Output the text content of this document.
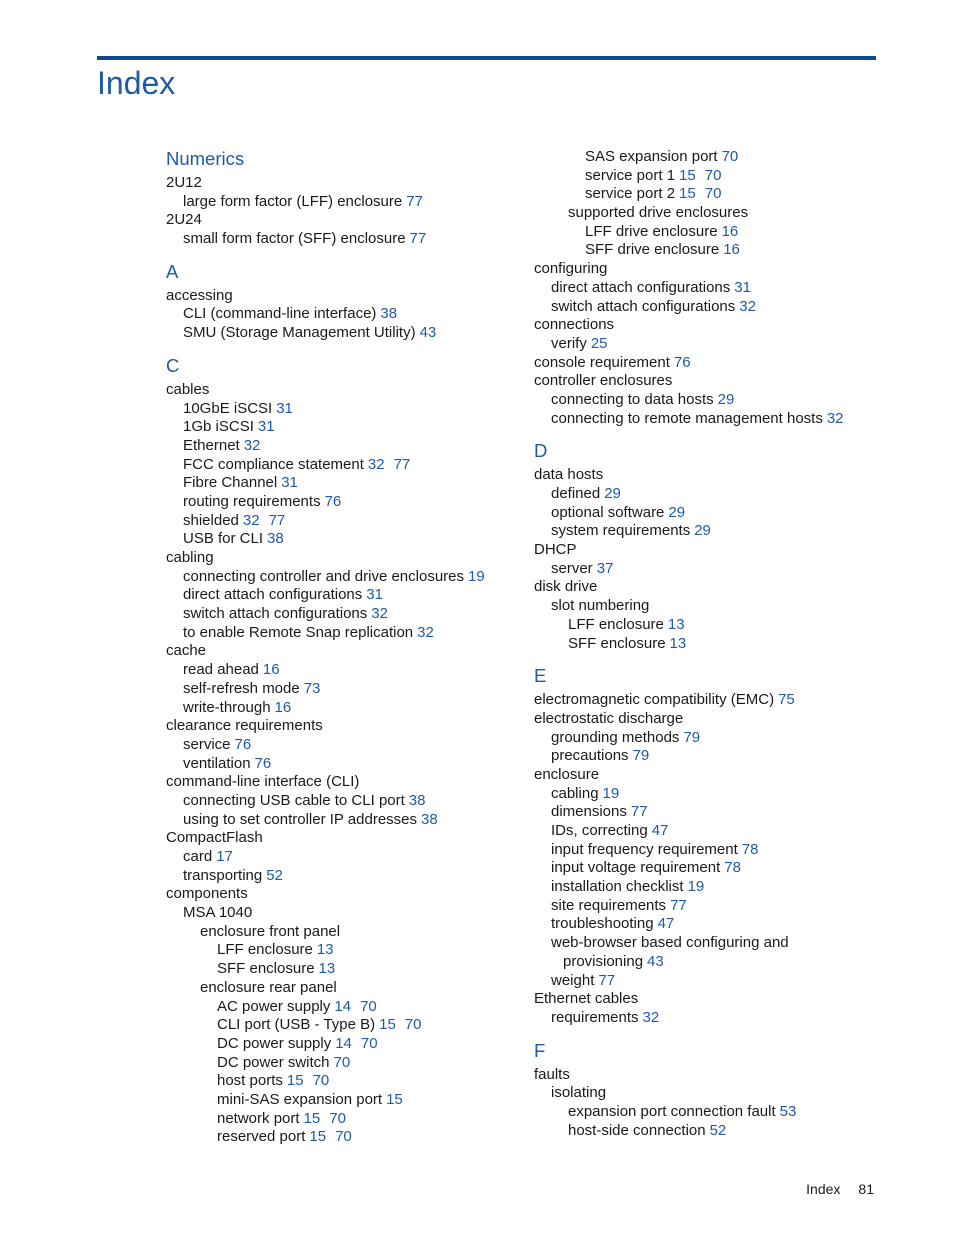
Index
Numerics
2U12
large form factor (LFF) enclosure 77
2U24
small form factor (SFF) enclosure 77
A
accessing
CLI (command-line interface) 38
SMU (Storage Management Utility) 43
C
cables
10GbE iSCSI 31
1Gb iSCSI 31
Ethernet 32
FCC compliance statement 32 77
Fibre Channel 31
routing requirements 76
shielded 32 77
USB for CLI 38
cabling
connecting controller and drive enclosures 19
direct attach configurations 31
switch attach configurations 32
to enable Remote Snap replication 32
cache
read ahead 16
self-refresh mode 73
write-through 16
clearance requirements
service 76
ventilation 76
command-line interface (CLI)
connecting USB cable to CLI port 38
using to set controller IP addresses 38
CompactFlash
card 17
transporting 52
components
MSA 1040
enclosure front panel
LFF enclosure 13
SFF enclosure 13
enclosure rear panel
AC power supply 14 70
CLI port (USB - Type B) 15 70
DC power supply 14 70
DC power switch 70
host ports 15 70
mini-SAS expansion port 15
network port 15 70
reserved port 15 70
SAS expansion port 70
service port 1 15 70
service port 2 15 70
supported drive enclosures
LFF drive enclosure 16
SFF drive enclosure 16
configuring
direct attach configurations 31
switch attach configurations 32
connections
verify 25
console requirement 76
controller enclosures
connecting to data hosts 29
connecting to remote management hosts 32
D
data hosts
defined 29
optional software 29
system requirements 29
DHCP
server 37
disk drive
slot numbering
LFF enclosure 13
SFF enclosure 13
E
electromagnetic compatibility (EMC) 75
electrostatic discharge
grounding methods 79
precautions 79
enclosure
cabling 19
dimensions 77
IDs, correcting 47
input frequency requirement 78
input voltage requirement 78
installation checklist 19
site requirements 77
troubleshooting 47
web-browser based configuring and
provisioning 43
weight 77
Ethernet cables
requirements 32
F
faults
isolating
expansion port connection fault 53
host-side connection 52
Index 81
